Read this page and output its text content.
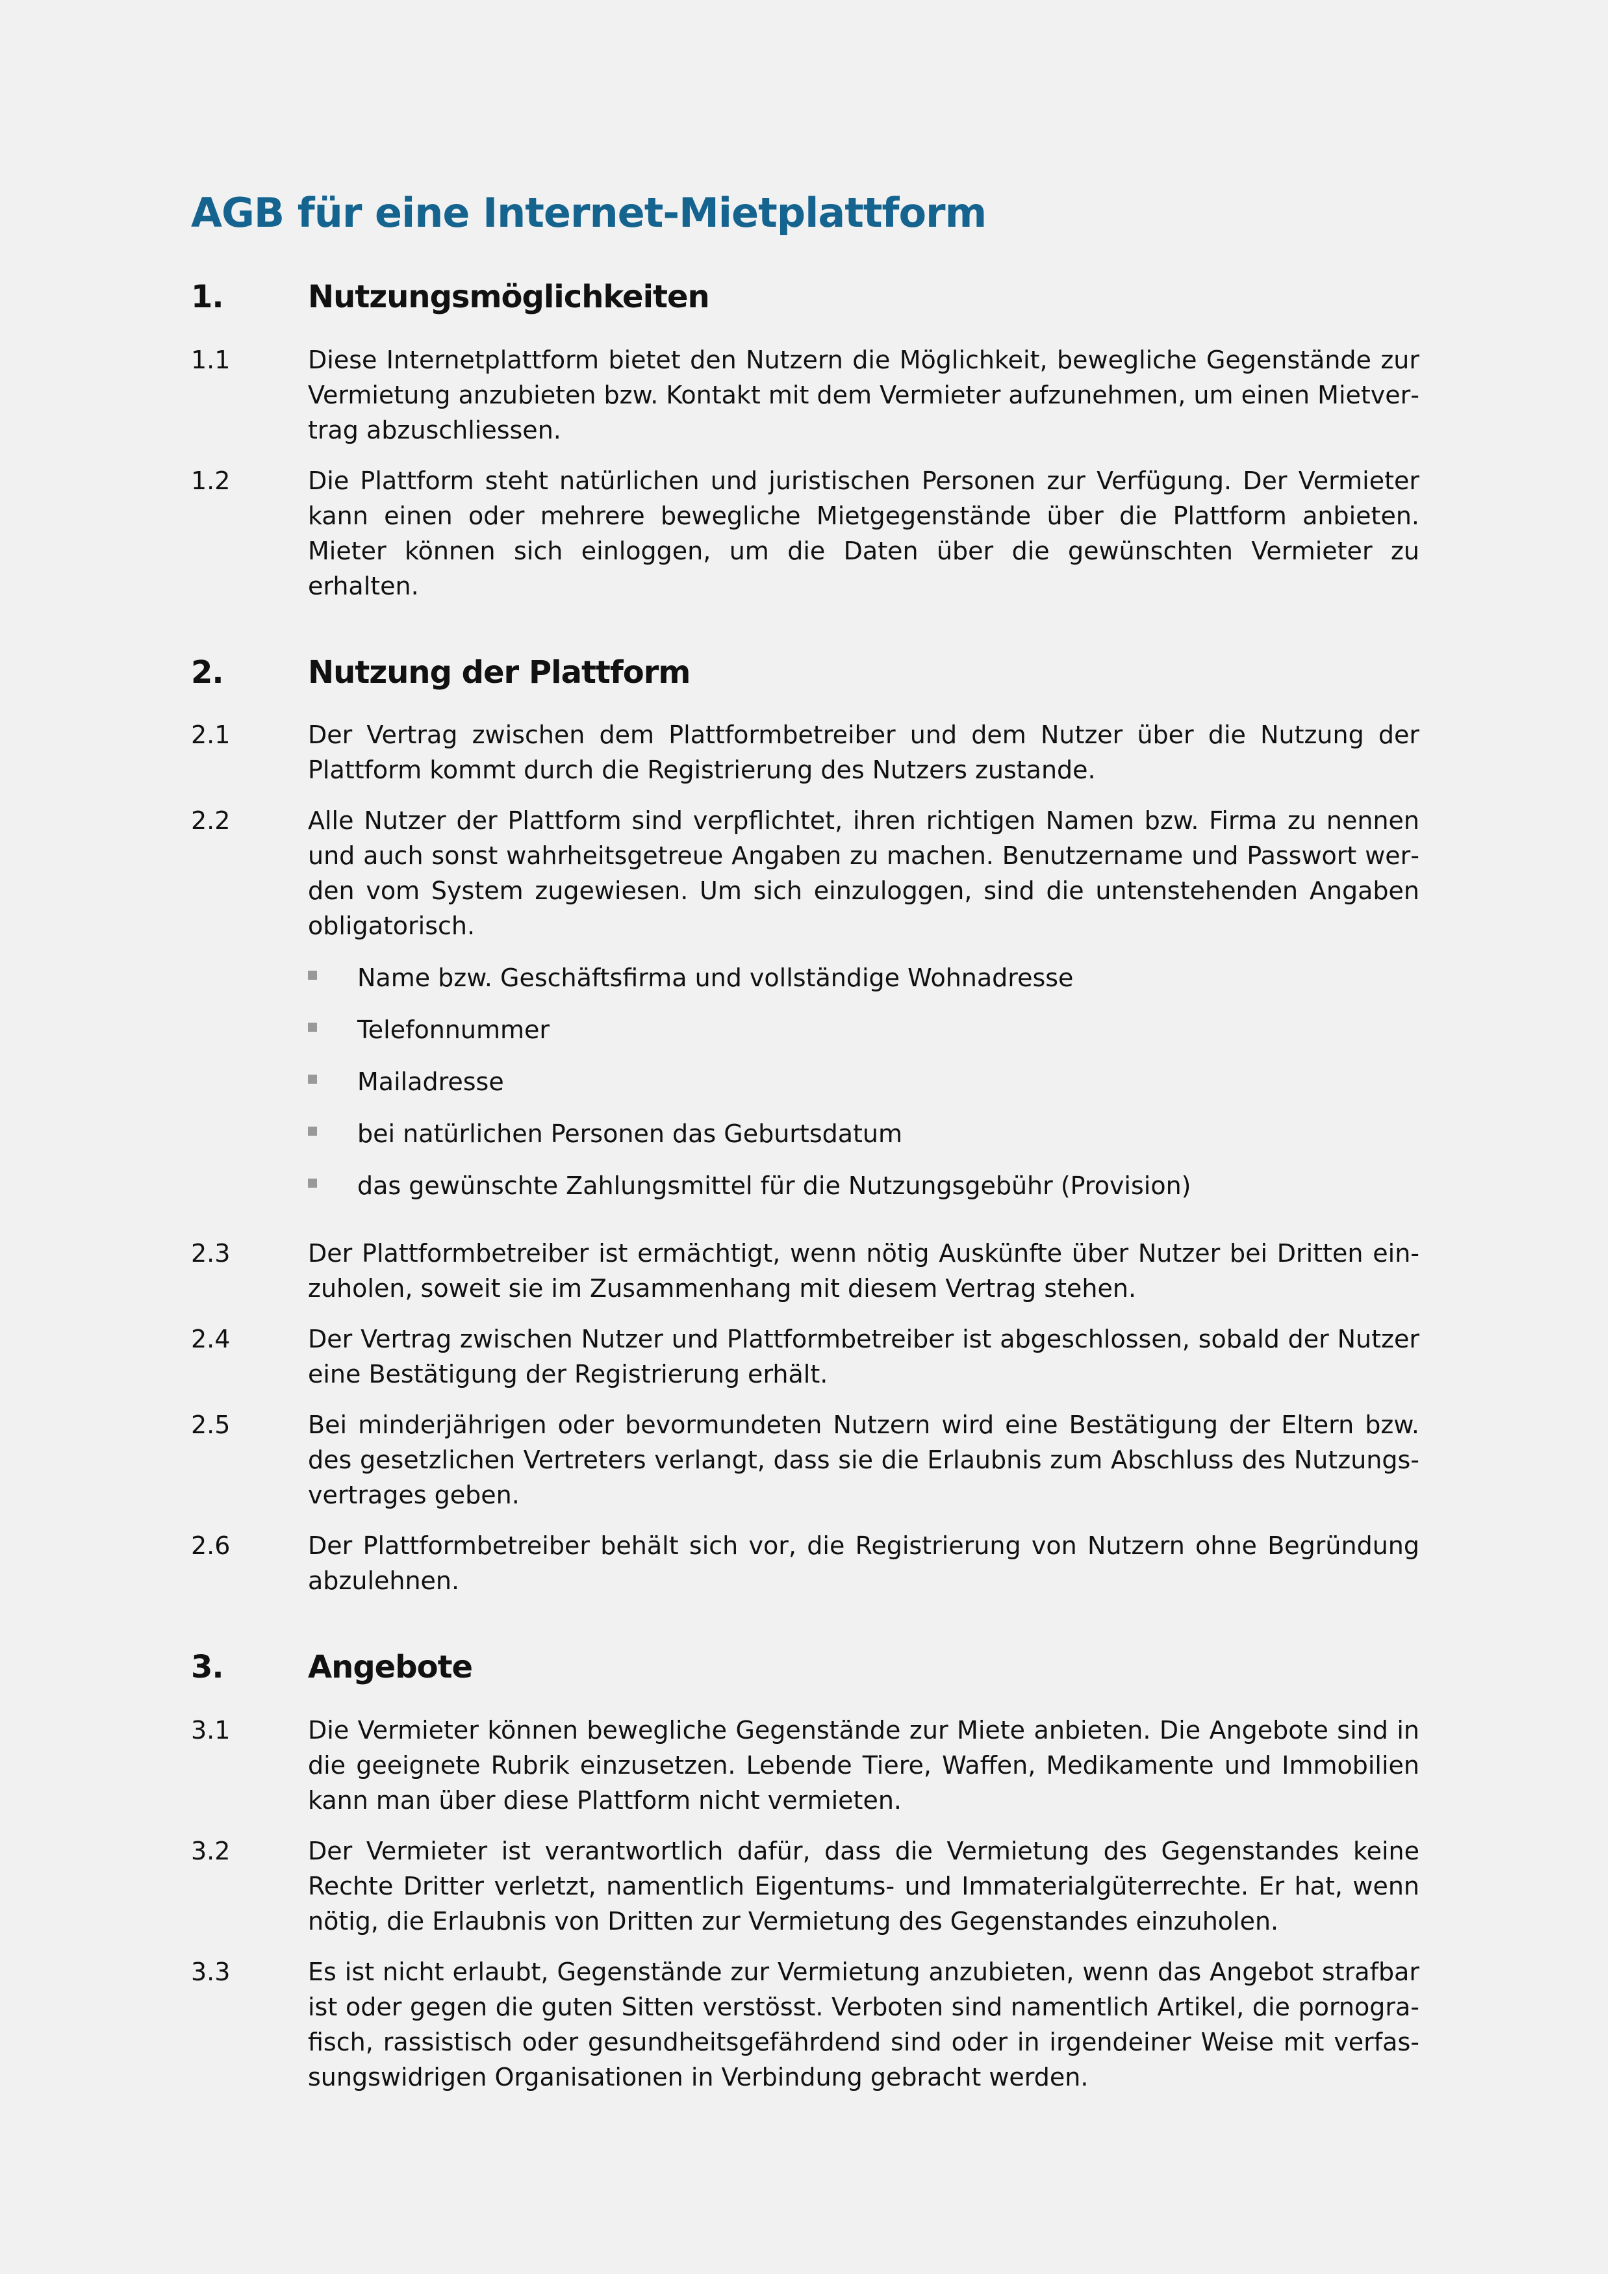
AGB für eine Internet-Mietplattform
1.	Nutzungsmöglichkeiten
1.1	Diese Internetplattform bietet den Nutzern die Möglichkeit, bewegliche Gegenstände zur Vermietung anzubieten bzw. Kontakt mit dem Vermieter aufzunehmen, um einen Mietvertrag abzuschliessen.
1.2	Die Plattform steht natürlichen und juristischen Personen zur Verfügung. Der Vermieter kann einen oder mehrere bewegliche Mietgegenstände über die Plattform anbieten. Mieter können sich einloggen, um die Daten über die gewünschten Vermieter zu erhalten.
2.	Nutzung der Plattform
2.1	Der Vertrag zwischen dem Plattformbetreiber und dem Nutzer über die Nutzung der Plattform kommt durch die Registrierung des Nutzers zustande.
2.2	Alle Nutzer der Plattform sind verpflichtet, ihren richtigen Namen bzw. Firma zu nennen und auch sonst wahrheitsgetreue Angaben zu machen. Benutzername und Passwort werden vom System zugewiesen. Um sich einzuloggen, sind die untenstehenden Angaben obligatorisch.
Name bzw. Geschäftsfirma und vollständige Wohnadresse
Telefonnummer
Mailadresse
bei natürlichen Personen das Geburtsdatum
das gewünschte Zahlungsmittel für die Nutzungsgebühr (Provision)
2.3	Der Plattformbetreiber ist ermächtigt, wenn nötig Auskünfte über Nutzer bei Dritten einzuholen, soweit sie im Zusammenhang mit diesem Vertrag stehen.
2.4	Der Vertrag zwischen Nutzer und Plattformbetreiber ist abgeschlossen, sobald der Nutzer eine Bestätigung der Registrierung erhält.
2.5	Bei minderjährigen oder bevormundeten Nutzern wird eine Bestätigung der Eltern bzw. des gesetzlichen Vertreters verlangt, dass sie die Erlaubnis zum Abschluss des Nutzungsvertrages geben.
2.6	Der Plattformbetreiber behält sich vor, die Registrierung von Nutzern ohne Begründung abzulehnen.
3.	Angebote
3.1	Die Vermieter können bewegliche Gegenstände zur Miete anbieten. Die Angebote sind in die geeignete Rubrik einzusetzen. Lebende Tiere, Waffen, Medikamente und Immobilien kann man über diese Plattform nicht vermieten.
3.2	Der Vermieter ist verantwortlich dafür, dass die Vermietung des Gegenstandes keine Rechte Dritter verletzt, namentlich Eigentums- und Immaterialgüterrechte. Er hat, wenn nötig, die Erlaubnis von Dritten zur Vermietung des Gegenstandes einzuholen.
3.3	Es ist nicht erlaubt, Gegenstände zur Vermietung anzubieten, wenn das Angebot strafbar ist oder gegen die guten Sitten verstösst. Verboten sind namentlich Artikel, die pornografisch, rassistisch oder gesundheitsgefährdend sind oder in irgendeiner Weise mit verfassungswidrigen Organisationen in Verbindung gebracht werden.
